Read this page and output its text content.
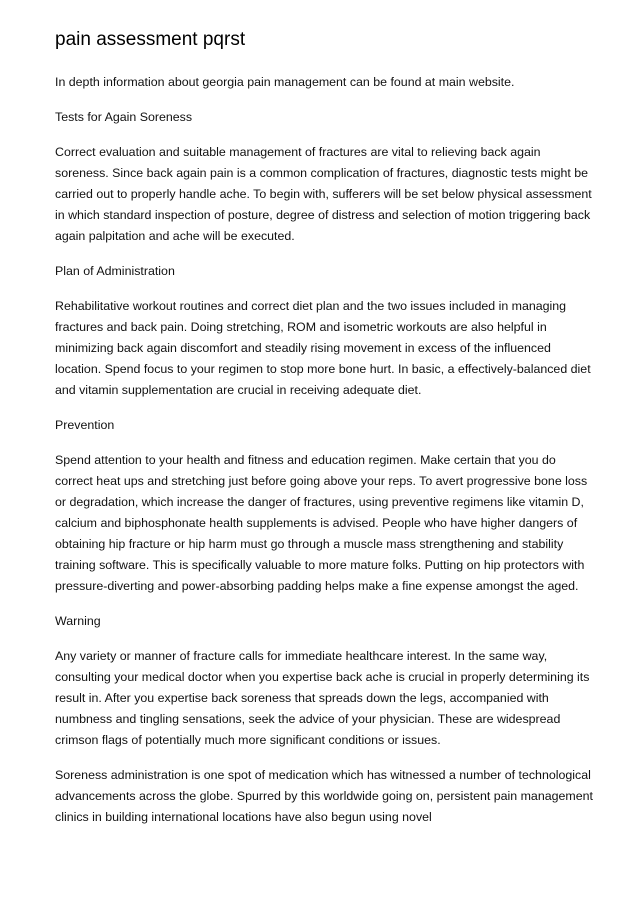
pain assessment pqrst

In depth information about georgia pain management can be found at main website.

Tests for Again Soreness

Correct evaluation and suitable management of fractures are vital to relieving back again soreness. Since back again pain is a common complication of fractures, diagnostic tests might be carried out to properly handle ache. To begin with, sufferers will be set below physical assessment in which standard inspection of posture, degree of distress and selection of motion triggering back again palpitation and ache will be executed.

Plan of Administration

Rehabilitative workout routines and correct diet plan and the two issues included in managing fractures and back pain. Doing stretching, ROM and isometric workouts are also helpful in minimizing back again discomfort and steadily rising movement in excess of the influenced location. Spend focus to your regimen to stop more bone hurt. In basic, a effectively-balanced diet and vitamin supplementation are crucial in receiving adequate diet.

Prevention

Spend attention to your health and fitness and education regimen. Make certain that you do correct heat ups and stretching just before going above your reps. To avert progressive bone loss or degradation, which increase the danger of fractures, using preventive regimens like vitamin D, calcium and biphosphonate health supplements is advised. People who have higher dangers of obtaining hip fracture or hip harm must go through a muscle mass strengthening and stability training software. This is specifically valuable to more mature folks. Putting on hip protectors with pressure-diverting and power-absorbing padding helps make a fine expense amongst the aged.

Warning

Any variety or manner of fracture calls for immediate healthcare interest. In the same way, consulting your medical doctor when you expertise back ache is crucial in properly determining its result in. After you expertise back soreness that spreads down the legs, accompanied with numbness and tingling sensations, seek the advice of your physician. These are widespread crimson flags of potentially much more significant conditions or issues.

Soreness administration is one spot of medication which has witnessed a number of technological advancements across the globe. Spurred by this worldwide going on, persistent pain management clinics in building international locations have also begun using novel
